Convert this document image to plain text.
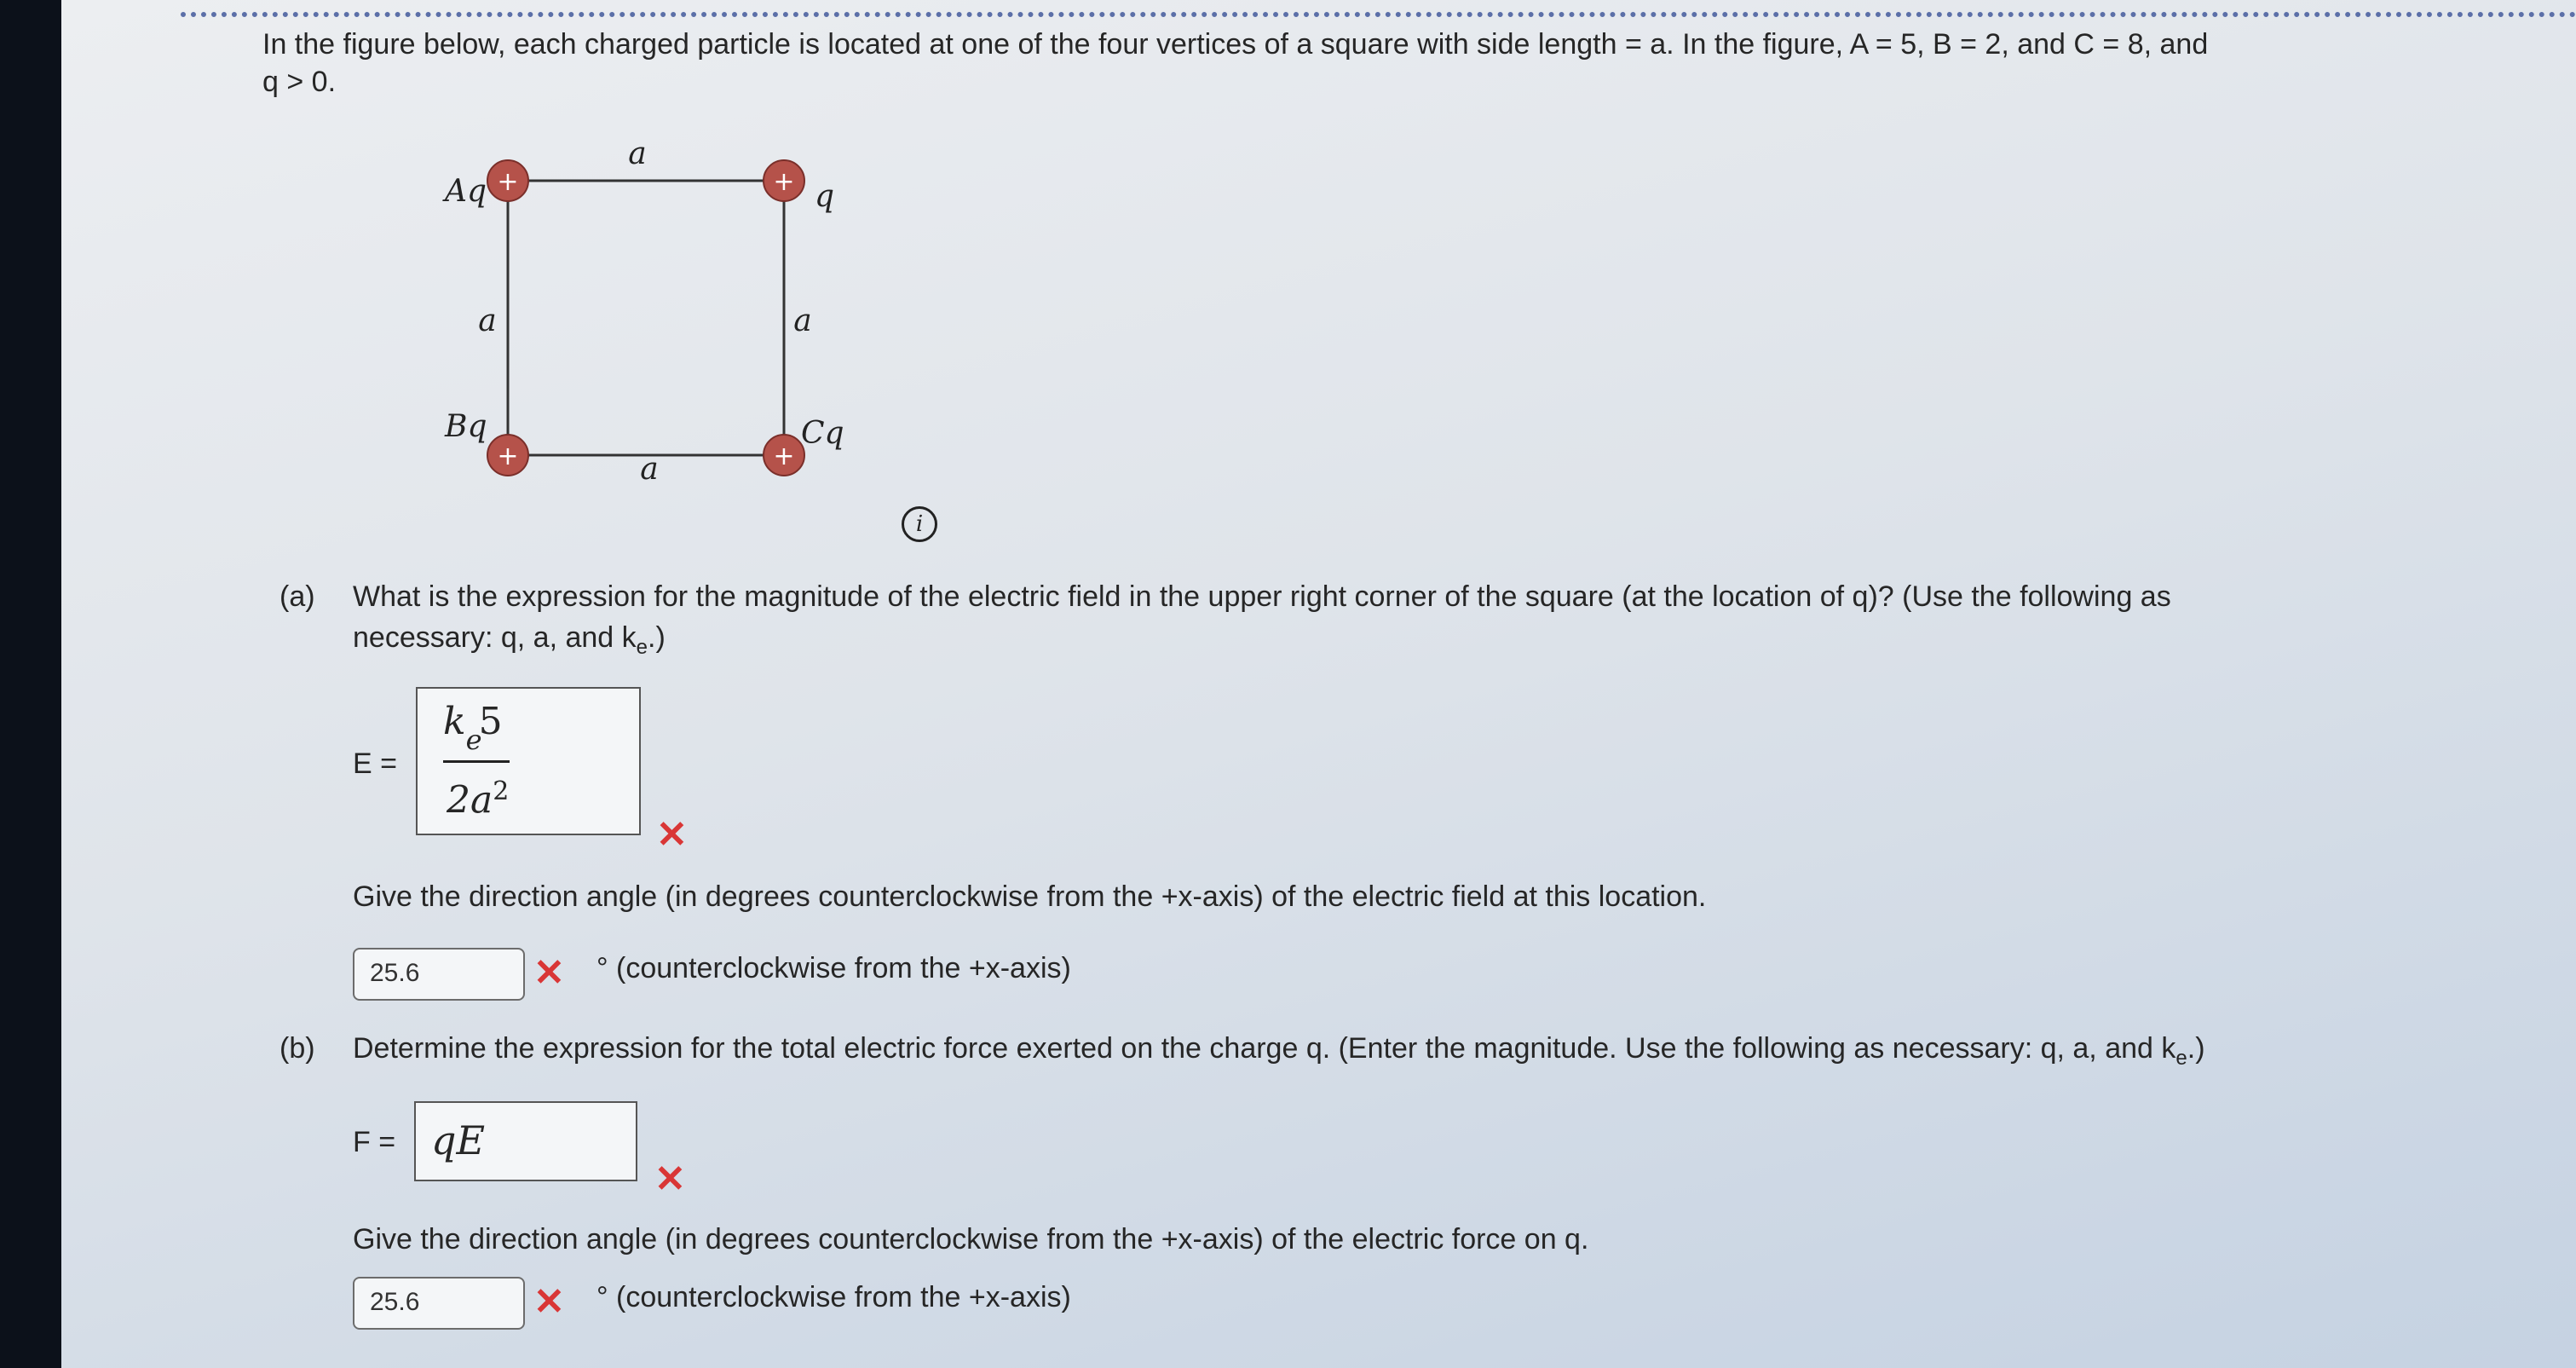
In the figure below, each charged particle is located at one of the four vertices of a square with side length = a. In the figure, A = 5, B = 2, and C = 8, and
q > 0.
+	+
+	+
Aq	q
Bq	Cq
a
a	a
a
i
(a) What is the expression for the magnitude of the electric field in the upper right corner of the square (at the location of q)? (Use the following as
necessary: q, a, and $k_e$.)
E =
$k_e5$
$2a^2$
✕
Give the direction angle (in degrees counterclockwise from the +x-axis) of the electric field at this location.
25.6	✕ ° (counterclockwise from the +x-axis)
(b) Determine the expression for the total electric force exerted on the charge q. (Enter the magnitude. Use the following as necessary: q, a, and $k_e$.)
F = qE
✕
Give the direction angle (in degrees counterclockwise from the +x-axis) of the electric force on q.
25.6	✕ ° (counterclockwise from the +x-axis)
